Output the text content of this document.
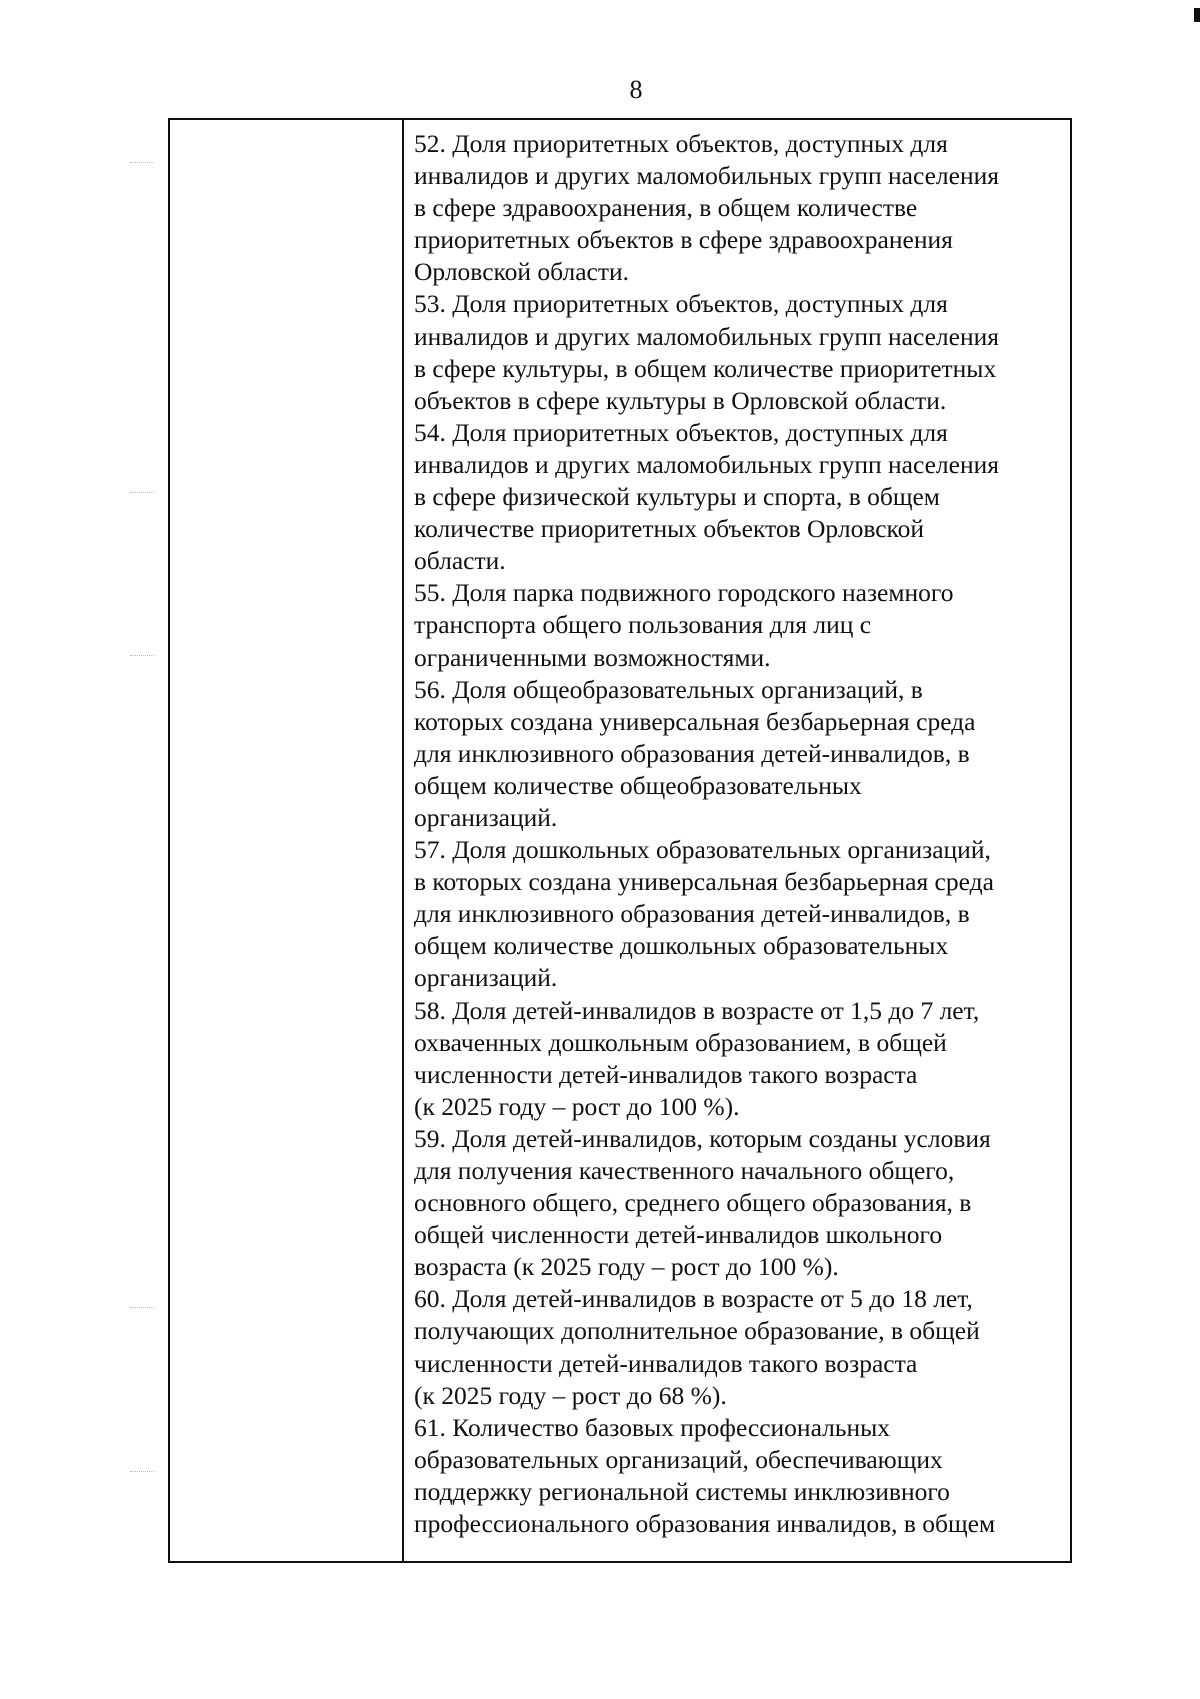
8
52. Доля приоритетных объектов, доступных для
инвалидов и других маломобильных групп населения
в сфере здравоохранения, в общем количестве
приоритетных объектов в сфере здравоохранения
Орловской области.
53. Доля приоритетных объектов, доступных для
инвалидов и других маломобильных групп населения
в сфере культуры, в общем количестве приоритетных
объектов в сфере культуры в Орловской области.
54. Доля приоритетных объектов, доступных для
инвалидов и других маломобильных групп населения
в сфере физической культуры и спорта, в общем
количестве приоритетных объектов Орловской
области.
55. Доля парка подвижного городского наземного
транспорта общего пользования для лиц с
ограниченными возможностями.
56. Доля общеобразовательных организаций, в
которых создана универсальная безбарьерная среда
для инклюзивного образования детей-инвалидов, в
общем количестве общеобразовательных
организаций.
57. Доля дошкольных образовательных организаций,
в которых создана универсальная безбарьерная среда
для инклюзивного образования детей-инвалидов, в
общем количестве дошкольных образовательных
организаций.
58. Доля детей-инвалидов в возрасте от 1,5 до 7 лет,
охваченных дошкольным образованием, в общей
численности детей-инвалидов такого возраста
(к 2025 году – рост до 100 %).
59. Доля детей-инвалидов, которым созданы условия
для получения качественного начального общего,
основного общего, среднего общего образования, в
общей численности детей-инвалидов школьного
возраста (к 2025 году – рост до 100 %).
60. Доля детей-инвалидов в возрасте от 5 до 18 лет,
получающих дополнительное образование, в общей
численности детей-инвалидов такого возраста
(к 2025 году – рост до 68 %).
61. Количество базовых профессиональных
образовательных организаций, обеспечивающих
поддержку региональной системы инклюзивного
профессионального образования инвалидов, в общем
